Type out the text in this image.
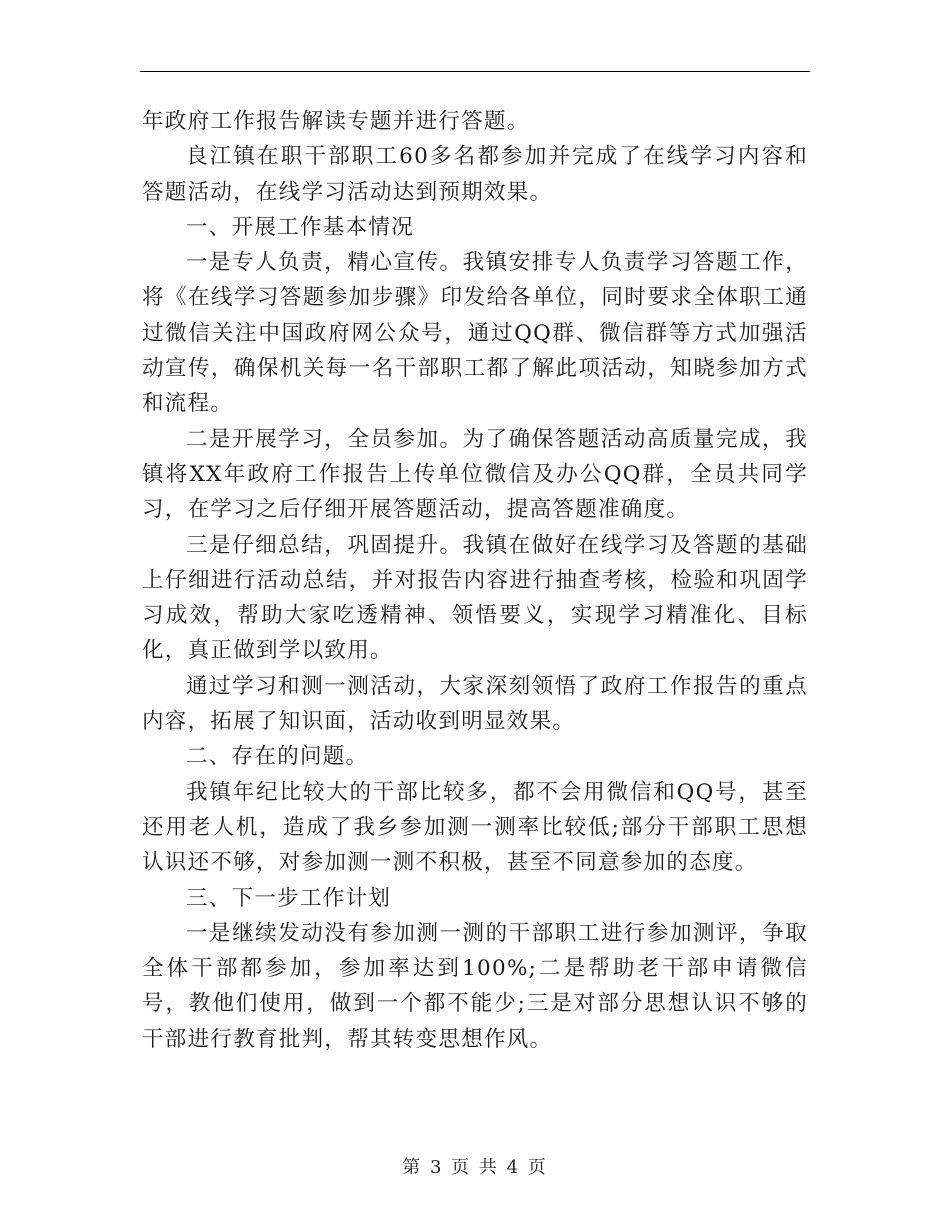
年政府工作报告解读专题并进行答题。

良江镇在职干部职工60多名都参加并完成了在线学习内容和答题活动，在线学习活动达到预期效果。

一、开展工作基本情况

一是专人负责，精心宣传。我镇安排专人负责学习答题工作，将《在线学习答题参加步骤》印发给各单位，同时要求全体职工通过微信关注中国政府网公众号，通过QQ群、微信群等方式加强活动宣传，确保机关每一名干部职工都了解此项活动，知晓参加方式和流程。

二是开展学习，全员参加。为了确保答题活动高质量完成，我镇将XX年政府工作报告上传单位微信及办公QQ群，全员共同学习，在学习之后仔细开展答题活动，提高答题准确度。

三是仔细总结，巩固提升。我镇在做好在线学习及答题的基础上仔细进行活动总结，并对报告内容进行抽查考核，检验和巩固学习成效，帮助大家吃透精神、领悟要义，实现学习精准化、目标化，真正做到学以致用。

通过学习和测一测活动，大家深刻领悟了政府工作报告的重点内容，拓展了知识面，活动收到明显效果。

二、存在的问题。

我镇年纪比较大的干部比较多，都不会用微信和QQ号，甚至还用老人机，造成了我乡参加测一测率比较低;部分干部职工思想认识还不够，对参加测一测不积极，甚至不同意参加的态度。

三、下一步工作计划

一是继续发动没有参加测一测的干部职工进行参加测评，争取全体干部都参加，参加率达到100%;二是帮助老干部申请微信号，教他们使用，做到一个都不能少;三是对部分思想认识不够的干部进行教育批判，帮其转变思想作风。

第 3 页 共 4 页
